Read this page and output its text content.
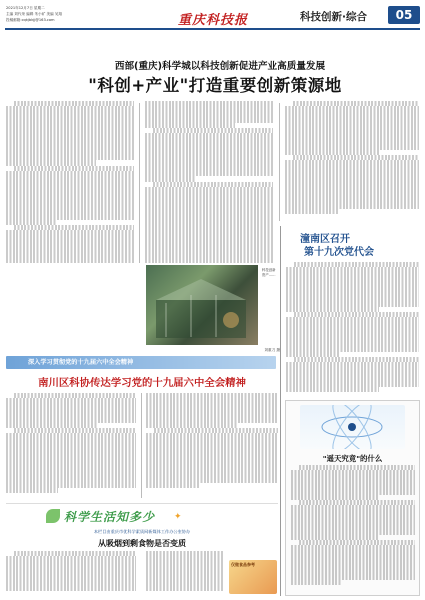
2021年12月7日 星期二
主编 刘代荣 编辑 朱小矿 美编 吴翔
投稿邮箱:cqkjbkjj@163.com	重庆科技报	科技创新·综合	05
西部(重庆)科学城以科技创新促进产业高质量发展
"科创+产业"打造重要创新策源地
科技创新
资产……
刘重刀 摄
深入学习贯彻党的十九届六中全会精神
南川区科协传达学习党的十九届六中全会精神
潼南区召开
第十九次党代会
"遥天究竟"的什么
科学生活知多少 ✦
本栏目由重庆市优科学素质网新媒体工作办公室协办
从吸烟到剩食物是否变质
仅做食品参考
